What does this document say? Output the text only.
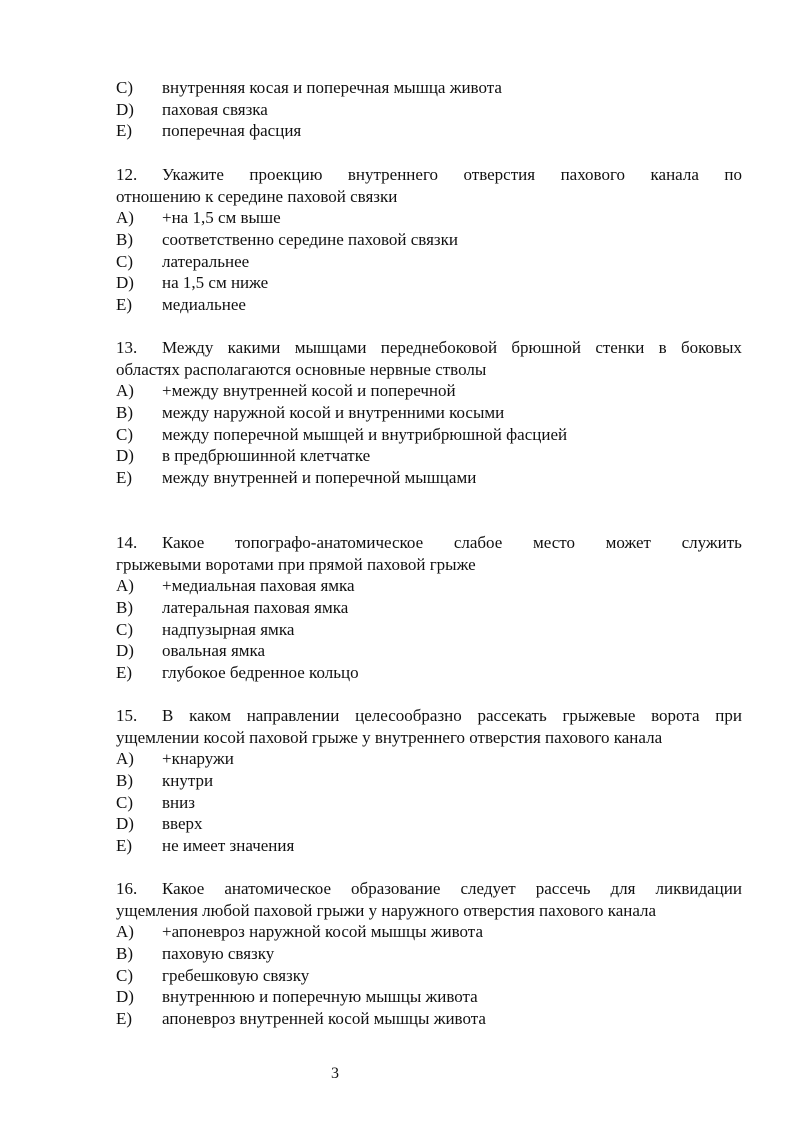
C)	внутренняя косая и поперечная мышца живота
D)	паховая связка
E)	поперечная фасция
12.	Укажите проекцию внутреннего отверстия пахового канала по
отношению к середине паховой связки
A)	+на 1,5 см выше
B)	соответственно середине паховой связки
C)	латеральнее
D)	на 1,5 см ниже
E)	медиальнее
13.	Между какими мышцами переднебоковой брюшной стенки в боковых
областях располагаются основные нервные стволы
A)	+между внутренней косой и поперечной
B)	между наружной косой и внутренними косыми
C)	между поперечной мышцей и внутрибрюшной фасцией
D)	в предбрюшинной клетчатке
E)	между внутренней и поперечной мышцами
14.	Какое топографо-анатомическое слабое место может служить
грыжевыми воротами при прямой паховой грыже
A)	+медиальная паховая ямка
B)	латеральная паховая ямка
C)	надпузырная ямка
D)	овальная ямка
E)	глубокое бедренное кольцо
15.	В каком направлении целесообразно рассекать грыжевые ворота при
ущемлении косой паховой грыже у внутреннего отверстия пахового канала
A)	+кнаружи
B)	кнутри
C)	вниз
D)	вверх
E)	не имеет значения
16.	Какое анатомическое образование следует рассечь для ликвидации
ущемления любой паховой грыжи у наружного отверстия пахового канала
A)	+апоневроз наружной косой мышцы живота
B)	паховую связку
C)	гребешковую связку
D)	внутреннюю и поперечную мышцы живота
E)	апоневроз внутренней косой мышцы живота
3
